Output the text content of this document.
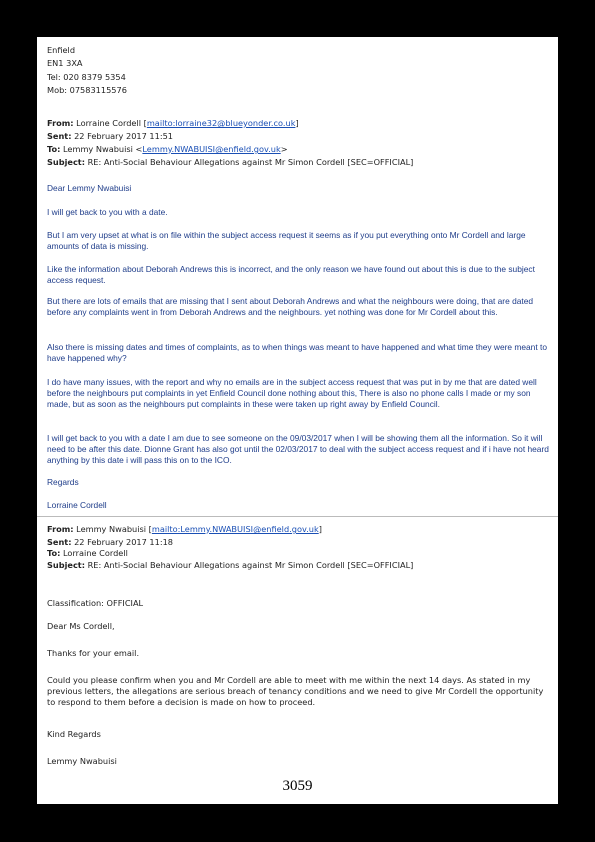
Enfield

EN1 3XA

Tel: 020 8379 5354

Mob: 07583115576

From: Lorraine Cordell [mailto:lorraine32@blueyonder.co.uk]

Sent: 22 February 2017 11:51

To: Lemmy Nwabuisi <Lemmy.NWABUISI@enfield.gov.uk>

Subject: RE: Anti-Social Behaviour Allegations against Mr Simon Cordell [SEC=OFFICIAL]

Dear Lemmy Nwabuisi

I will get back to you with a date.

But I am very upset at what is on file within the subject access request it seems as if you put everything onto Mr Cordell and large amounts of data is missing.

Like the information about Deborah Andrews this is incorrect, and the only reason we have found out about this is due to the subject access request.

But there are lots of emails that are missing that I sent about Deborah Andrews and what the neighbours were doing, that are dated before any complaints went in from Deborah Andrews and the neighbours. yet nothing was done for Mr Cordell about this.

Also there is missing dates and times of complaints, as to when things was meant to have happened and what time they were meant to have happened why?

I do have many issues, with the report and why no emails are in the subject access request that was put in by me that are dated well before the neighbours put complaints in yet Enfield Council done nothing about this, There is also no phone calls I made or my son made, but as soon as the neighbours put complaints in these were taken up right away by Enfield Council.

I will get back to you with a date I am due to see someone on the 09/03/2017 when I will be showing them all the information. So it will need to be after this date. Dionne Grant has also got until the 02/03/2017 to deal with the subject access request and if i have not heard anything by this date i will pass this on to the ICO.

Regards

Lorraine Cordell

From: Lemmy Nwabuisi [mailto:Lemmy.NWABUISI@enfield.gov.uk]

Sent: 22 February 2017 11:18

To: Lorraine Cordell

Subject: RE: Anti-Social Behaviour Allegations against Mr Simon Cordell [SEC=OFFICIAL]

Classification: OFFICIAL

Dear Ms Cordell,

Thanks for your email.

Could you please confirm when you and Mr Cordell are able to meet with me within the next 14 days. As stated in my previous letters, the allegations are serious breach of tenancy conditions and we need to give Mr Cordell the opportunity to respond to them before a decision is made on how to proceed.

Kind Regards

Lemmy Nwabuisi

3059
